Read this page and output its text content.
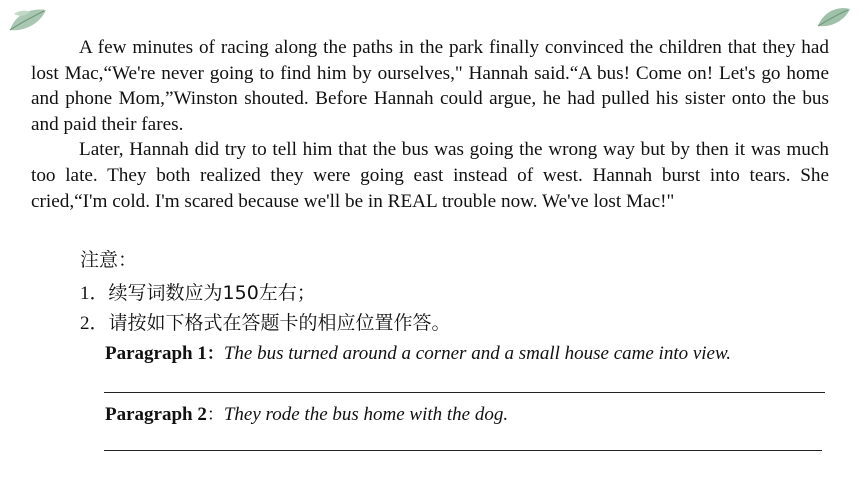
A few minutes of racing along the paths in the park finally convinced the children that they had lost Mac,“We're never going to find him by ourselves," Hannah said.“A bus! Come on! Let's go home and phone Mom,”Winston shouted. Before Hannah could argue, he had pulled his sister onto the bus and paid their fares.

Later, Hannah did try to tell him that the bus was going the wrong way but by then it was much too late. They both realized they were going east instead of west. Hannah burst into tears. She cried,“I'm cold. I'm scared because we'll be in REAL trouble now. We've lost Mac!"

注意：
1．续写词数应为150左右；
2．请按如下格式在答题卡的相应位置作答。
Paragraph 1：The bus turned around a corner and a small house came into view.
Paragraph 2：They rode the bus home with the dog.
